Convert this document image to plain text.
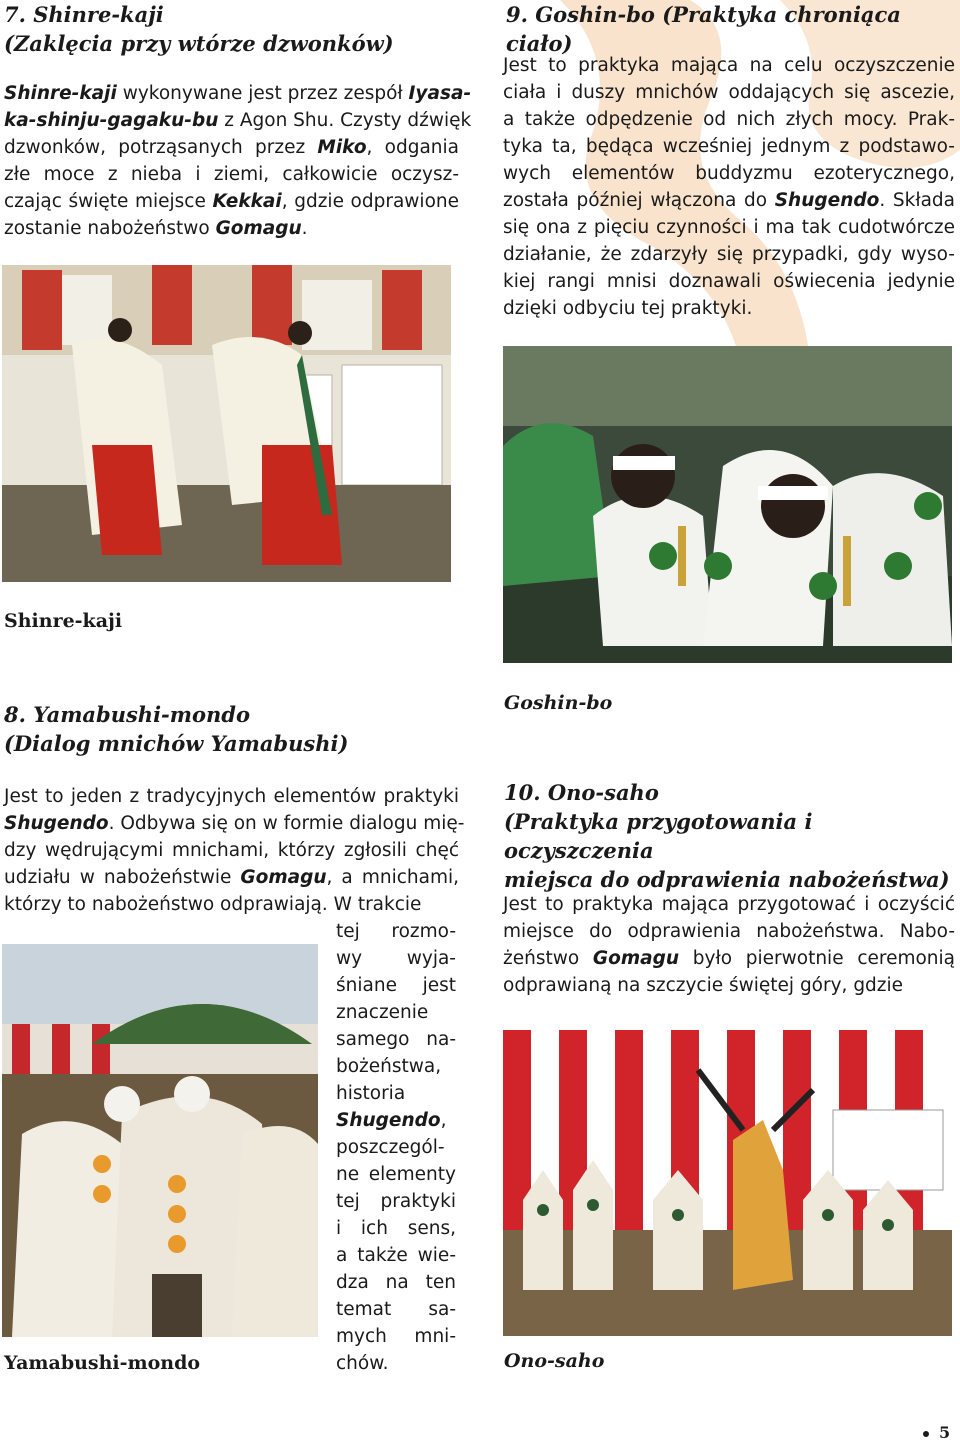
7. Shinre-kaji
(Zaklęcia przy wtórze dzwonków)
Shinre-kaji wykonywane jest przez zespół Iyasa-
ka-shinju-gagaku-bu z Agon Shu. Czysty dźwięk
dzwonków, potrząsanych przez Miko, odgania
złe moce z nieba i ziemi, całkowicie oczysz-
czając święte miejsce Kekkai, gdzie odprawione
zostanie nabożeństwo Gomagu.
Shinre-kaji
9. Goshin-bo (Praktyka chroniąca ciało)
Jest to praktyka mająca na celu oczyszczenie
ciała i duszy mnichów oddających się ascezie,
a także odpędzenie od nich złych mocy. Prak-
tyka ta, będąca wcześniej jednym z podstawo-
wych elementów buddyzmu ezoterycznego,
została później włączona do Shugendo. Składa
się ona z pięciu czynności i ma tak cudotwórcze
działanie, że zdarzyły się przypadki, gdy wyso-
kiej rangi mnisi doznawali oświecenia jedynie
dzięki odbyciu tej praktyki.
Goshin-bo
8. Yamabushi-mondo
(Dialog mnichów Yamabushi)
Jest to jeden z tradycyjnych elementów praktyki
Shugendo. Odbywa się on w formie dialogu mię-
dzy wędrującymi mnichami, którzy zgłosili chęć
udziału w nabożeństwie Gomagu, a mnichami,
którzy to nabożeństwo odprawiają. W trakcie
tej rozmo-
wy wyja-
śniane jest
znaczenie
samego na-
bożeństwa,
historia
Shugendo,
poszczegól-
ne elementy
tej praktyki
i ich sens,
a także wie-
dza na ten
temat sa-
mych mni-
chów.
Yamabushi-mondo
10. Ono-saho
(Praktyka przygotowania i oczyszczenia
miejsca do odprawienia nabożeństwa)
Jest to praktyka mająca przygotować i oczyścić
miejsce do odprawienia nabożeństwa. Nabo-
żeństwo Gomagu było pierwotnie ceremonią
odprawianą na szczycie świętej góry, gdzie
Ono-saho
5
